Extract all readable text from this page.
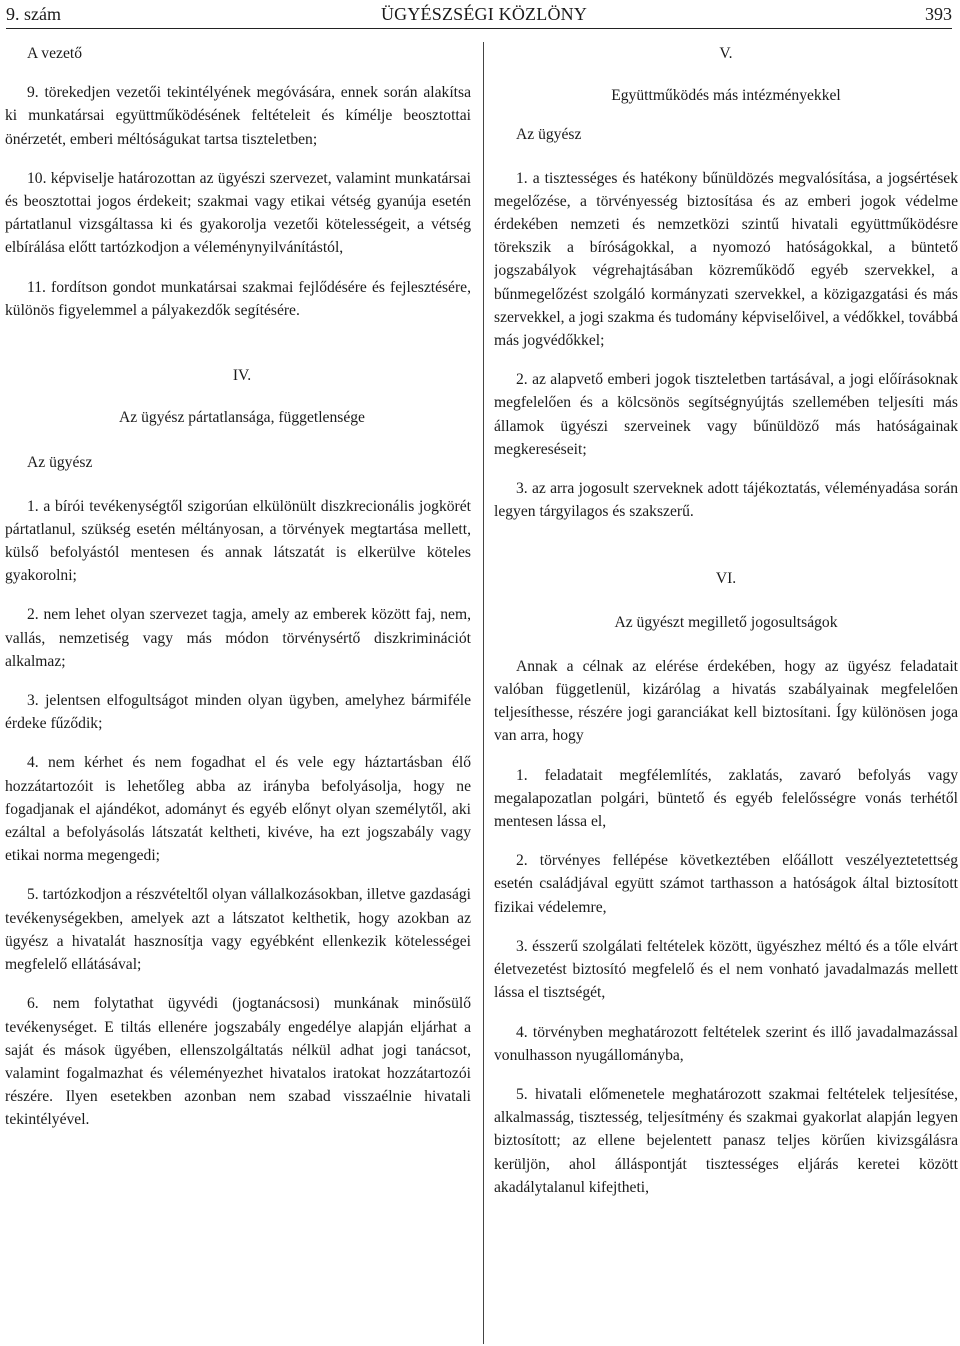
9. szám	ÜGYÉSZSÉGI KÖZLÖNY	393

A vezető

9. törekedjen vezetői tekintélyének megóvására, ennek során alakítsa ki munkatársai együttműködésének feltételeit és kímélje beosztottai önérzetét, emberi méltóságukat tartsa tiszteletben;

10. képviselje határozottan az ügyészi szervezet, valamint munkatársai és beosztottai jogos érdekeit; szakmai vagy etikai vétség gyanúja esetén pártatlanul vizsgáltassa ki és gyakorolja vezetői kötelességeit, a vétség elbírálása előtt tartózkodjon a véleménynyilvánítástól,

11. fordítson gondot munkatársai szakmai fejlődésére és fejlesztésére, különös figyelemmel a pályakezdők segítésére.

IV.

Az ügyész pártatlansága, függetlensége

Az ügyész

1. a bírói tevékenységtől szigorúan elkülönült diszkrecionális jogkörét pártatlanul, szükség esetén méltányosan, a törvények megtartása mellett, külső befolyástól mentesen és annak látszatát is elkerülve köteles gyakorolni;

2. nem lehet olyan szervezet tagja, amely az emberek között faj, nem, vallás, nemzetiség vagy más módon törvénysértő diszkriminációt alkalmaz;

3. jelentsen elfogultságot minden olyan ügyben, amelyhez bármiféle érdeke fűződik;

4. nem kérhet és nem fogadhat el és vele egy háztartásban élő hozzátartozóit is lehetőleg abba az irányba befolyásolja, hogy ne fogadjanak el ajándékot, adományt és egyéb előnyt olyan személytől, aki ezáltal a befolyásolás látszatát keltheti, kivéve, ha ezt jogszabály vagy etikai norma megengedi;

5. tartózkodjon a részvételtől olyan vállalkozásokban, illetve gazdasági tevékenységekben, amelyek azt a látszatot kelthetik, hogy azokban az ügyész a hivatalát hasznosítja vagy egyébként ellenkezik kötelességei megfelelő ellátásával;

6. nem folytathat ügyvédi (jogtanácsosi) munkának minősülő tevékenységet. E tiltás ellenére jogszabály engedélye alapján eljárhat a saját és mások ügyében, ellenszolgáltatás nélkül adhat jogi tanácsot, valamint fogalmazhat és véleményezhet hivatalos iratokat hozzátartozói részére. Ilyen esetekben azonban nem szabad visszaélnie hivatali tekintélyével.

V.

Együttműködés más intézményekkel

Az ügyész

1. a tisztességes és hatékony bűnüldözés megvalósítása, a jogsértések megelőzése, a törvényesség biztosítása és az emberi jogok védelme érdekében nemzeti és nemzetközi szintű hivatali együttműködésre törekszik a bíróságokkal, a nyomozó hatóságokkal, a büntető jogszabályok végrehajtásában közreműködő egyéb szervekkel, a bűnmegelőzést szolgáló kormányzati szervekkel, a közigazgatási és más szervekkel, a jogi szakma és tudomány képviselőivel, a védőkkel, továbbá más jogvédőkkel;

2. az alapvető emberi jogok tiszteletben tartásával, a jogi előírásoknak megfelelően és a kölcsönös segítségnyújtás szellemében teljesíti más államok ügyészi szerveinek vagy bűnüldöző más hatóságainak megkereséseit;

3. az arra jogosult szerveknek adott tájékoztatás, véleményadása során legyen tárgyilagos és szakszerű.

VI.

Az ügyészt megillető jogosultságok

Annak a célnak az elérése érdekében, hogy az ügyész feladatait valóban függetlenül, kizárólag a hivatás szabályainak megfelelően teljesíthesse, részére jogi garanciákat kell biztosítani. Így különösen joga van arra, hogy

1. feladatait megfélemlítés, zaklatás, zavaró befolyás vagy megalapozatlan polgári, büntető és egyéb felelősségre vonás terhétől mentesen lássa el,

2. törvényes fellépése következtében előállott veszélyeztetettség esetén családjával együtt számot tarthasson a hatóságok által biztosított fizikai védelemre,

3. ésszerű szolgálati feltételek között, ügyészhez méltó és a tőle elvárt életvezetést biztosító megfelelő és el nem vonható javadalmazás mellett lássa el tisztségét,

4. törvényben meghatározott feltételek szerint és illő javadalmazással vonulhasson nyugállományba,

5. hivatali előmenetele meghatározott szakmai feltételek teljesítése, alkalmasság, tisztesség, teljesítmény és szakmai gyakorlat alapján legyen biztosított; az ellene bejelentett panasz teljes körűen kivizsgálásra kerüljön, ahol álláspontját tisztességes eljárás keretei között akadálytalanul kifejtheti,
